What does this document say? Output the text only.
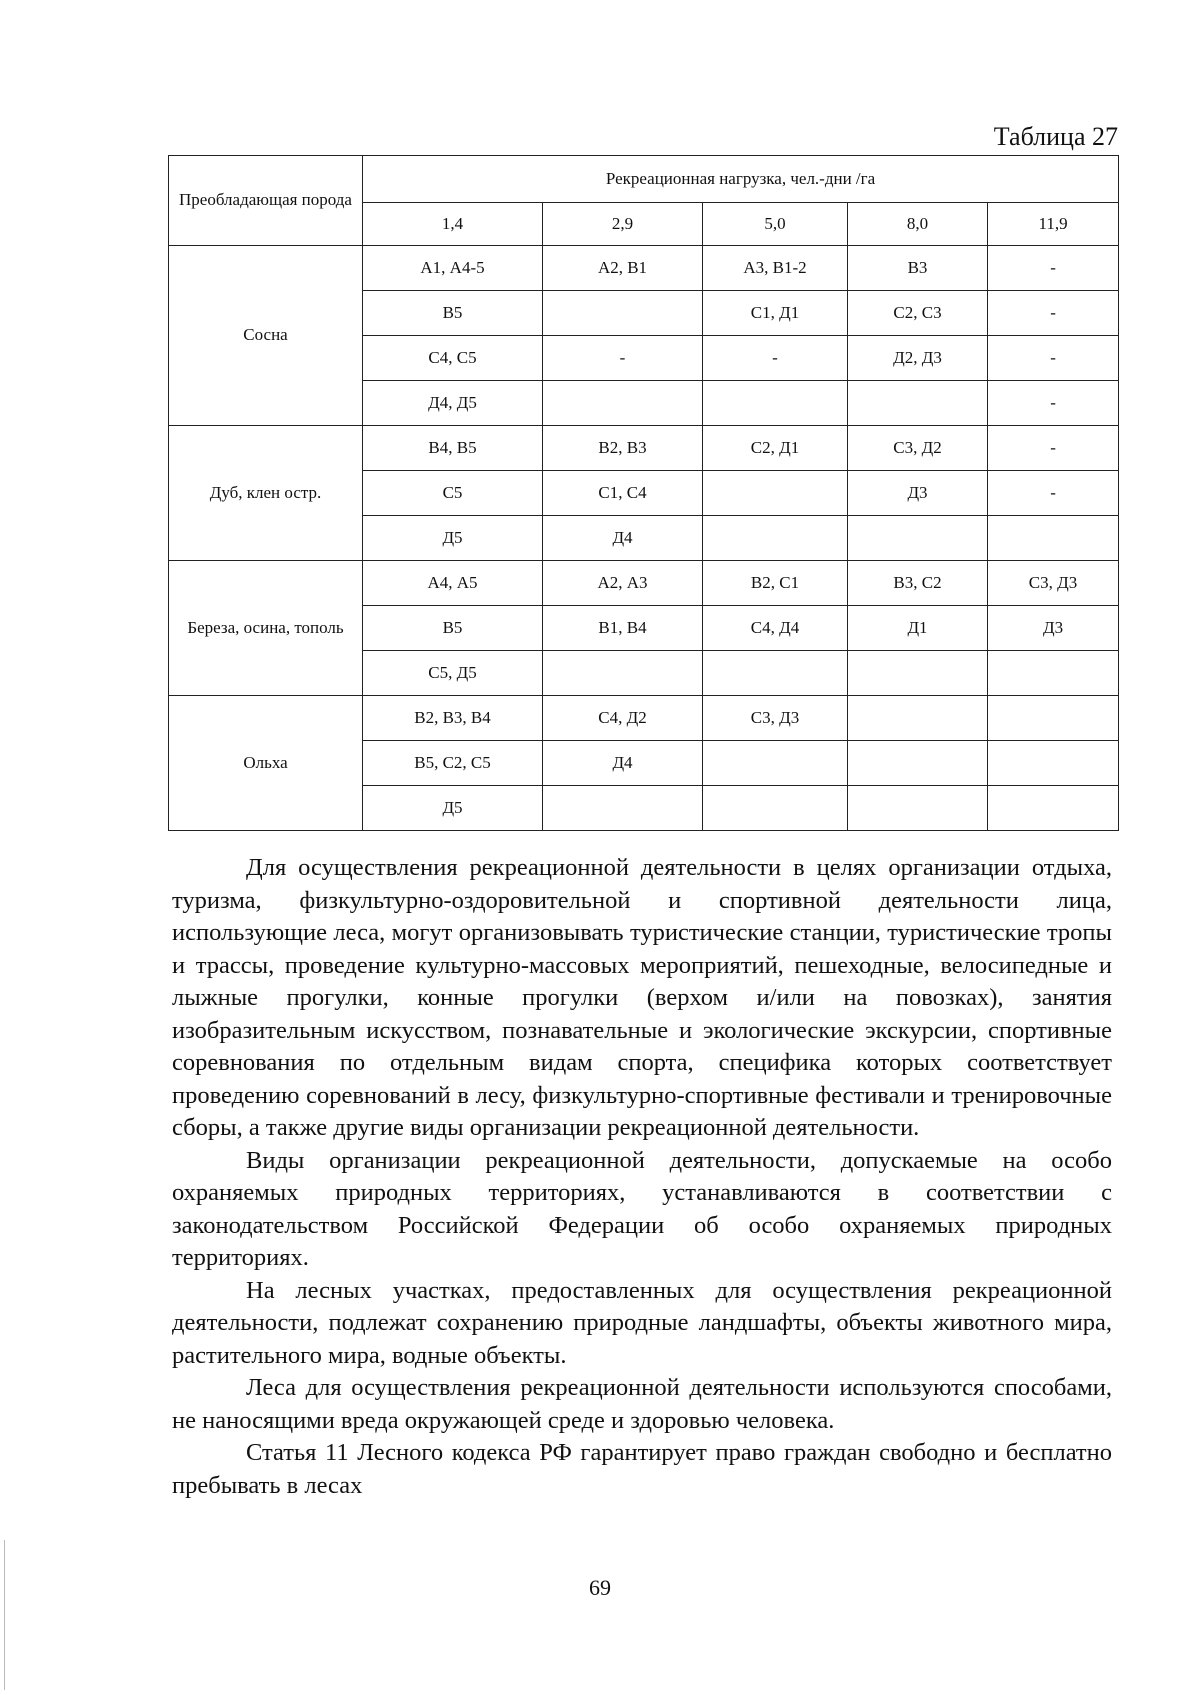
Таблица 27
Преобладающая порода	Рекреационная нагрузка, чел.-дни /га				
	1,4	2,9	5,0	8,0	11,9
Сосна	А1, А4-5	А2, В1	А3, В1-2	В3	-
	В5		С1, Д1	С2, С3	-
	С4, С5	-	-	Д2, Д3	-
	Д4, Д5				-
Дуб, клен остр.	В4, В5	В2, В3	С2, Д1	С3, Д2	-
	С5	С1, С4		Д3	-
	Д5	Д4			
Береза, осина, тополь	А4, А5	А2, А3	В2, С1	В3, С2	С3, Д3
	В5	В1, В4	С4, Д4	Д1	Д3
	С5, Д5				
Ольха	В2, В3, В4	С4, Д2	С3, Д3		
	В5, С2, С5	Д4			
	Д5				

Для осуществления рекреационной деятельности в целях организации отдыха, туризма, физкультурно-оздоровительной и спортивной деятельности лица, использующие леса, могут организовывать туристические станции, туристические тропы и трассы, проведение культурно-массовых мероприятий, пешеходные, велосипедные и лыжные прогулки, конные прогулки (верхом и/или на повозках), занятия изобразительным искусством, познавательные и экологические экскурсии, спортивные соревнования по отдельным видам спорта, специфика которых соответствует проведению соревнований в лесу, физкультурно-спортивные фестивали и тренировочные сборы, а также другие виды организации рекреационной деятельности.

Виды организации рекреационной деятельности, допускаемые на особо охраняемых природных территориях, устанавливаются в соответствии с законодательством Российской Федерации об особо охраняемых природных территориях.

На лесных участках, предоставленных для осуществления рекреационной деятельности, подлежат сохранению природные ландшафты, объекты животного мира, растительного мира, водные объекты.

Леса для осуществления рекреационной деятельности используются способами, не наносящими вреда окружающей среде и здоровью человека.

Статья 11 Лесного кодекса РФ гарантирует право граждан свободно и бесплатно пребывать в лесах

69
